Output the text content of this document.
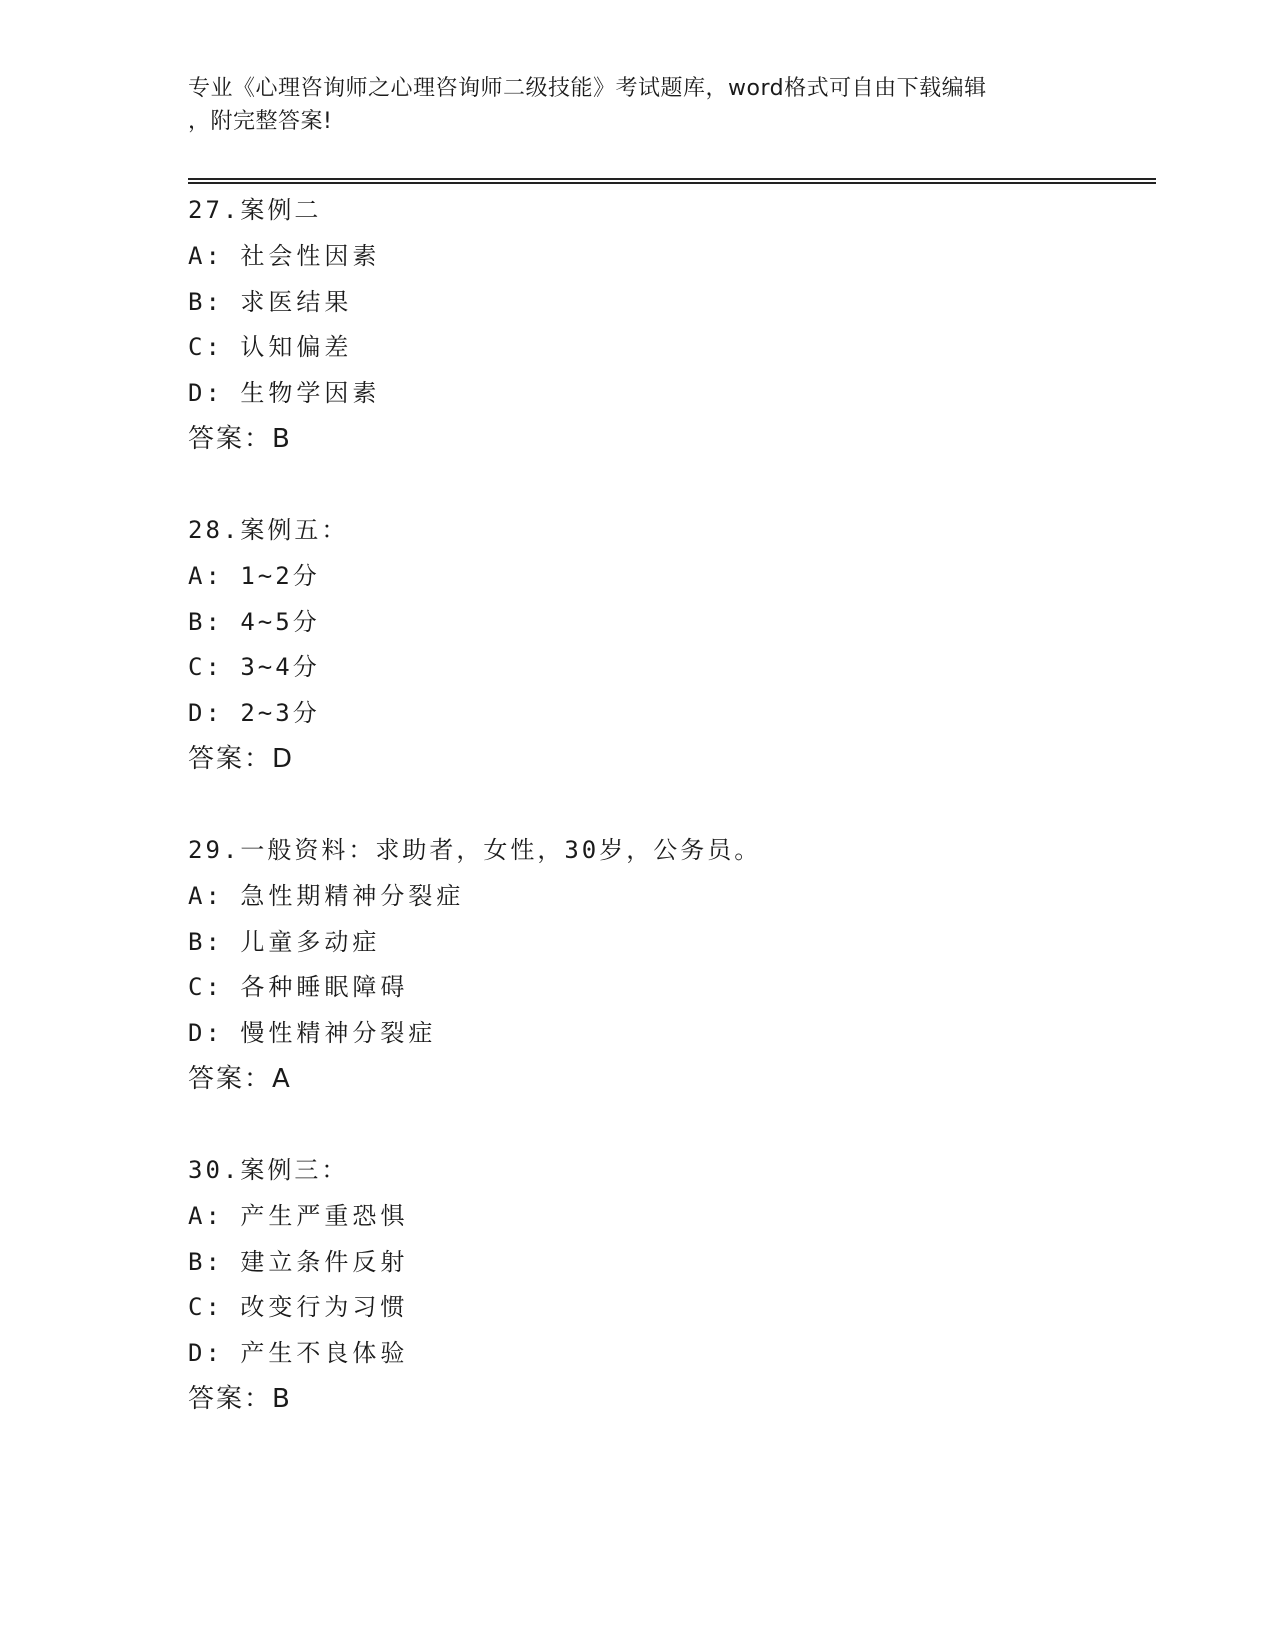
专业《心理咨询师之心理咨询师二级技能》考试题库，word格式可自由下载编辑
，附完整答案!
27.案例二
A: 社会性因素
B: 求医结果
C: 认知偏差
D: 生物学因素
答案：B
28.案例五：
A: 1~2分
B: 4~5分
C: 3~4分
D: 2~3分
答案：D
29.一般资料：求助者，女性，30岁，公务员。
A: 急性期精神分裂症
B: 儿童多动症
C: 各种睡眠障碍
D: 慢性精神分裂症
答案：A
30.案例三：
A: 产生严重恐惧
B: 建立条件反射
C: 改变行为习惯
D: 产生不良体验
答案：B
